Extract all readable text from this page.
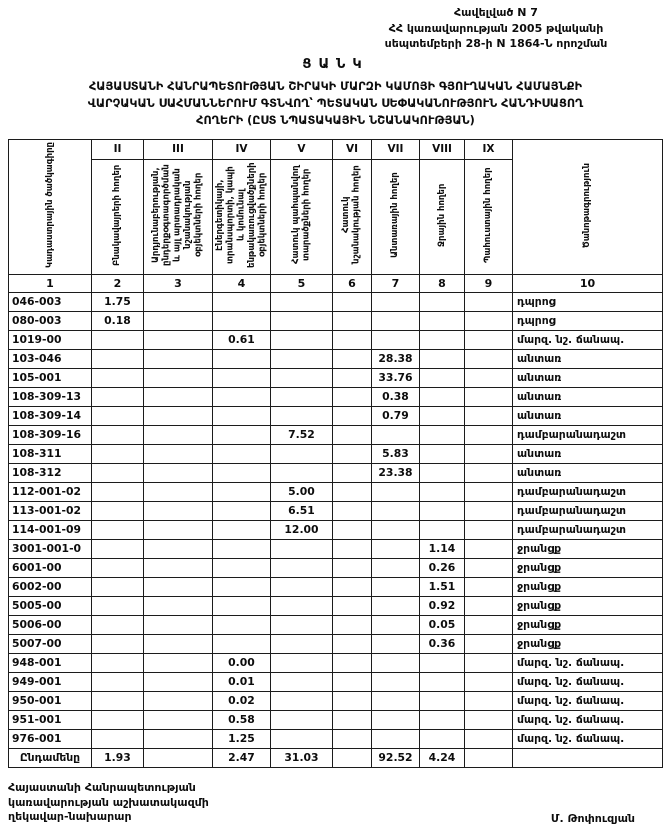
Հավելված N 7
ՀՀ կառավարության 2005 թվականի
սեպտեմբերի 28-ի N 1864-Ն որոշման
ՑԱՆԿ
ՀԱՅԱՍՏԱՆԻ ՀԱՆՐԱՊԵՏՈՒԹՅԱՆ ՇԻՐԱԿԻ ՄԱՐԶԻ ԿԱՄՈՅԻ ԳՅՈՒՂԱԿԱՆ ՀԱՄԱՅՆՔԻ
ՎԱՐՉԱԿԱՆ ՍԱՀՄԱՆՆԵՐՈՒՄ ԳՏՆՎՈՂ՝ ՊԵՏԱԿԱՆ ՍԵՓԱԿԱՆՈՒԹՅՈՒՆ ՀԱՆԴԻՍԱՑՈՂ
ՀՈՂԵՐԻ (ԸՍՏ ՆՊԱՏԱԿԱՅԻՆ ՆՇԱՆԱԿՈՒԹՅԱՆ)
Կադաստրային ծածկագիրը	II	III	IV	V	VI	VII	VIII	IX	Ծանոթագրություն
	Բնակավայրերի հողեր	Արդյունաբերության, ընդերքօգտագործման և այլ արտադրական նշանակության օբյեկտների հողեր	Էներգետիկայի, տրանսպորտի, կապի և կոմունալ ենթակառուցվածքների օբյեկտների հողեր	Հատուկ պահպանվող տարածքների հողեր	Հատուկ նշանակության հողեր	Անտառային հողեր	Ջրային հողեր	Պահուստային հողեր	
1	2	3	4	5	6	7	8	9	10
046-003	1.75								դպրոց
080-003	0.18								դպրոց
1019-00			0.61						մարզ. նշ. ճանապ.
103-046						28.38			անտառ
105-001						33.76			անտառ
108-309-13						0.38			անտառ
108-309-14						0.79			անտառ
108-309-16				7.52					դամբարանադաշտ
108-311						5.83			անտառ
108-312						23.38			անտառ
112-001-02				5.00					դամբարանադաշտ
113-001-02				6.51					դամբարանադաշտ
114-001-09				12.00					դամբարանադաշտ
3001-001-0							1.14		ջրանցք
6001-00							0.26		ջրանցք
6002-00							1.51		ջրանցք
5005-00							0.92		ջրանցք
5006-00							0.05		ջրանցք
5007-00							0.36		ջրանցք
948-001			0.00						մարզ. նշ. ճանապ.
949-001			0.01						մարզ. նշ. ճանապ.
950-001			0.02						մարզ. նշ. ճանապ.
951-001			0.58						մարզ. նշ. ճանապ.
976-001			1.25						մարզ. նշ. ճանապ.
Ընդամենը	1.93		2.47	31.03		92.52	4.24		
Հայաստանի Հանրապետության
կառավարության աշխատակազմի
ղեկավար-նախարար	Մ. Թոփուզյան
